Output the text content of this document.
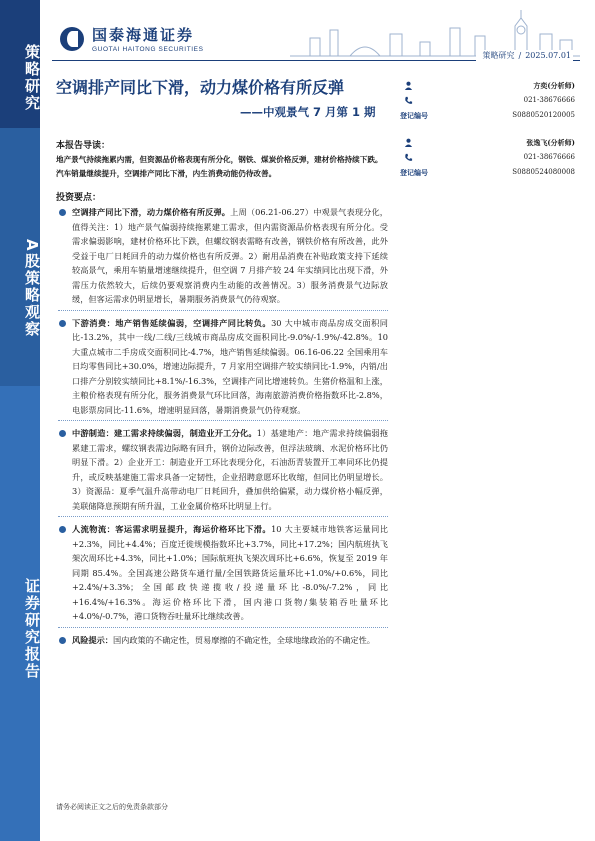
策略研究
A股策略观察
证券研究报告
国泰海通证券
GUOTAI HAITONG SECURITIES
策略研究 / 2025.07.01
空调排产同比下滑，动力煤价格有所反弹
——中观景气 7 月第 1 期
方奕(分析师)
021-38676666
登记编号	S0880520120005
张逸飞(分析师)
021-38676666
登记编号	S0880524080008
本报告导读：
地产景气持续拖累内需，但资源品价格表现有所分化，钢铁、煤炭价格反弹，建材价格持续下跌。汽车销量继续提升，空调排产同比下滑，内生消费动能仍待改善。
投资要点：
空调排产同比下滑，动力煤价格有所反弹。上周（06.21-06.27）中观景气表现分化，值得关注：1）地产景气偏弱持续拖累建工需求，但内需资源品价格表现有所分化。受需求偏弱影响，建材价格环比下跌，但螺纹钢表需略有改善，钢铁价格有所改善，此外受益于电厂日耗回升的动力煤价格也有所反弹。2）耐用品消费在补贴政策支持下延续较高景气，乘用车销量增速继续提升，但空调 7 月排产较 24 年实绩同比出现下滑，外需压力依然较大，后续仍要观察消费内生动能的改善情况。3）服务消费景气边际放缓，但客运需求仍明显增长，暑期服务消费景气仍待观察。
下游消费：地产销售延续偏弱，空调排产同比转负。30 大中城市商品房成交面积同比-13.2%，其中一线/二线/三线城市商品房成交面积同比-9.0%/-1.9%/-42.8%。10 大重点城市二手房成交面积同比-4.7%，地产销售延续偏弱。06.16-06.22 全国乘用车日均零售同比+30.0%，增速边际提升，7 月家用空调排产较实绩同比-1.9%，内销/出口排产分别较实绩同比+8.1%/-16.3%，空调排产同比增速转负。生猪价格温和上涨，主粮价格表现有所分化，服务消费景气环比回落，海南旅游消费价格指数环比-2.8%，电影票房同比-11.6%，增速明显回落，暑期消费景气仍待观察。
中游制造：建工需求持续偏弱，制造业开工分化。1）基建地产：地产需求持续偏弱拖累建工需求，螺纹钢表需边际略有回升，钢价边际改善，但浮法玻璃、水泥价格环比仍明显下滑。2）企业开工：制造业开工环比表现分化，石油沥青装置开工率同环比仍提升，或反映基建施工需求具备一定韧性，企业招聘意愿环比收缩，但同比仍明显增长。3）资源品：夏季气温升高带动电厂日耗回升，叠加供给偏紧，动力煤价格小幅反弹，美联储降息预期有所升温，工业金属价格环比明显上行。
人流物流：客运需求明显提升，海运价格环比下滑。10 大主要城市地铁客运量同比+2.3%，同比+4.4%；百度迁徙规模指数环比+3.7%，同比+17.2%；国内航班执飞架次周环比+4.3%，同比+1.0%；国际航班执飞架次周环比+6.6%，恢复至 2019 年同期 85.4%。全国高速公路货车通行量/全国铁路货运量环比+1.0%/+0.6%，同比+2.4%/+3.3%；全国邮政快递揽收/投递量环比-8.0%/-7.2%，同比+16.4%/+16.3%。海运价格环比下滑，国内港口货物/集装箱吞吐量环比+4.0%/-0.7%，港口货物吞吐量环比继续改善。
风险提示：国内政策的不确定性，贸易摩擦的不确定性，全球地缘政治的不确定性。
请务必阅读正文之后的免责条款部分
